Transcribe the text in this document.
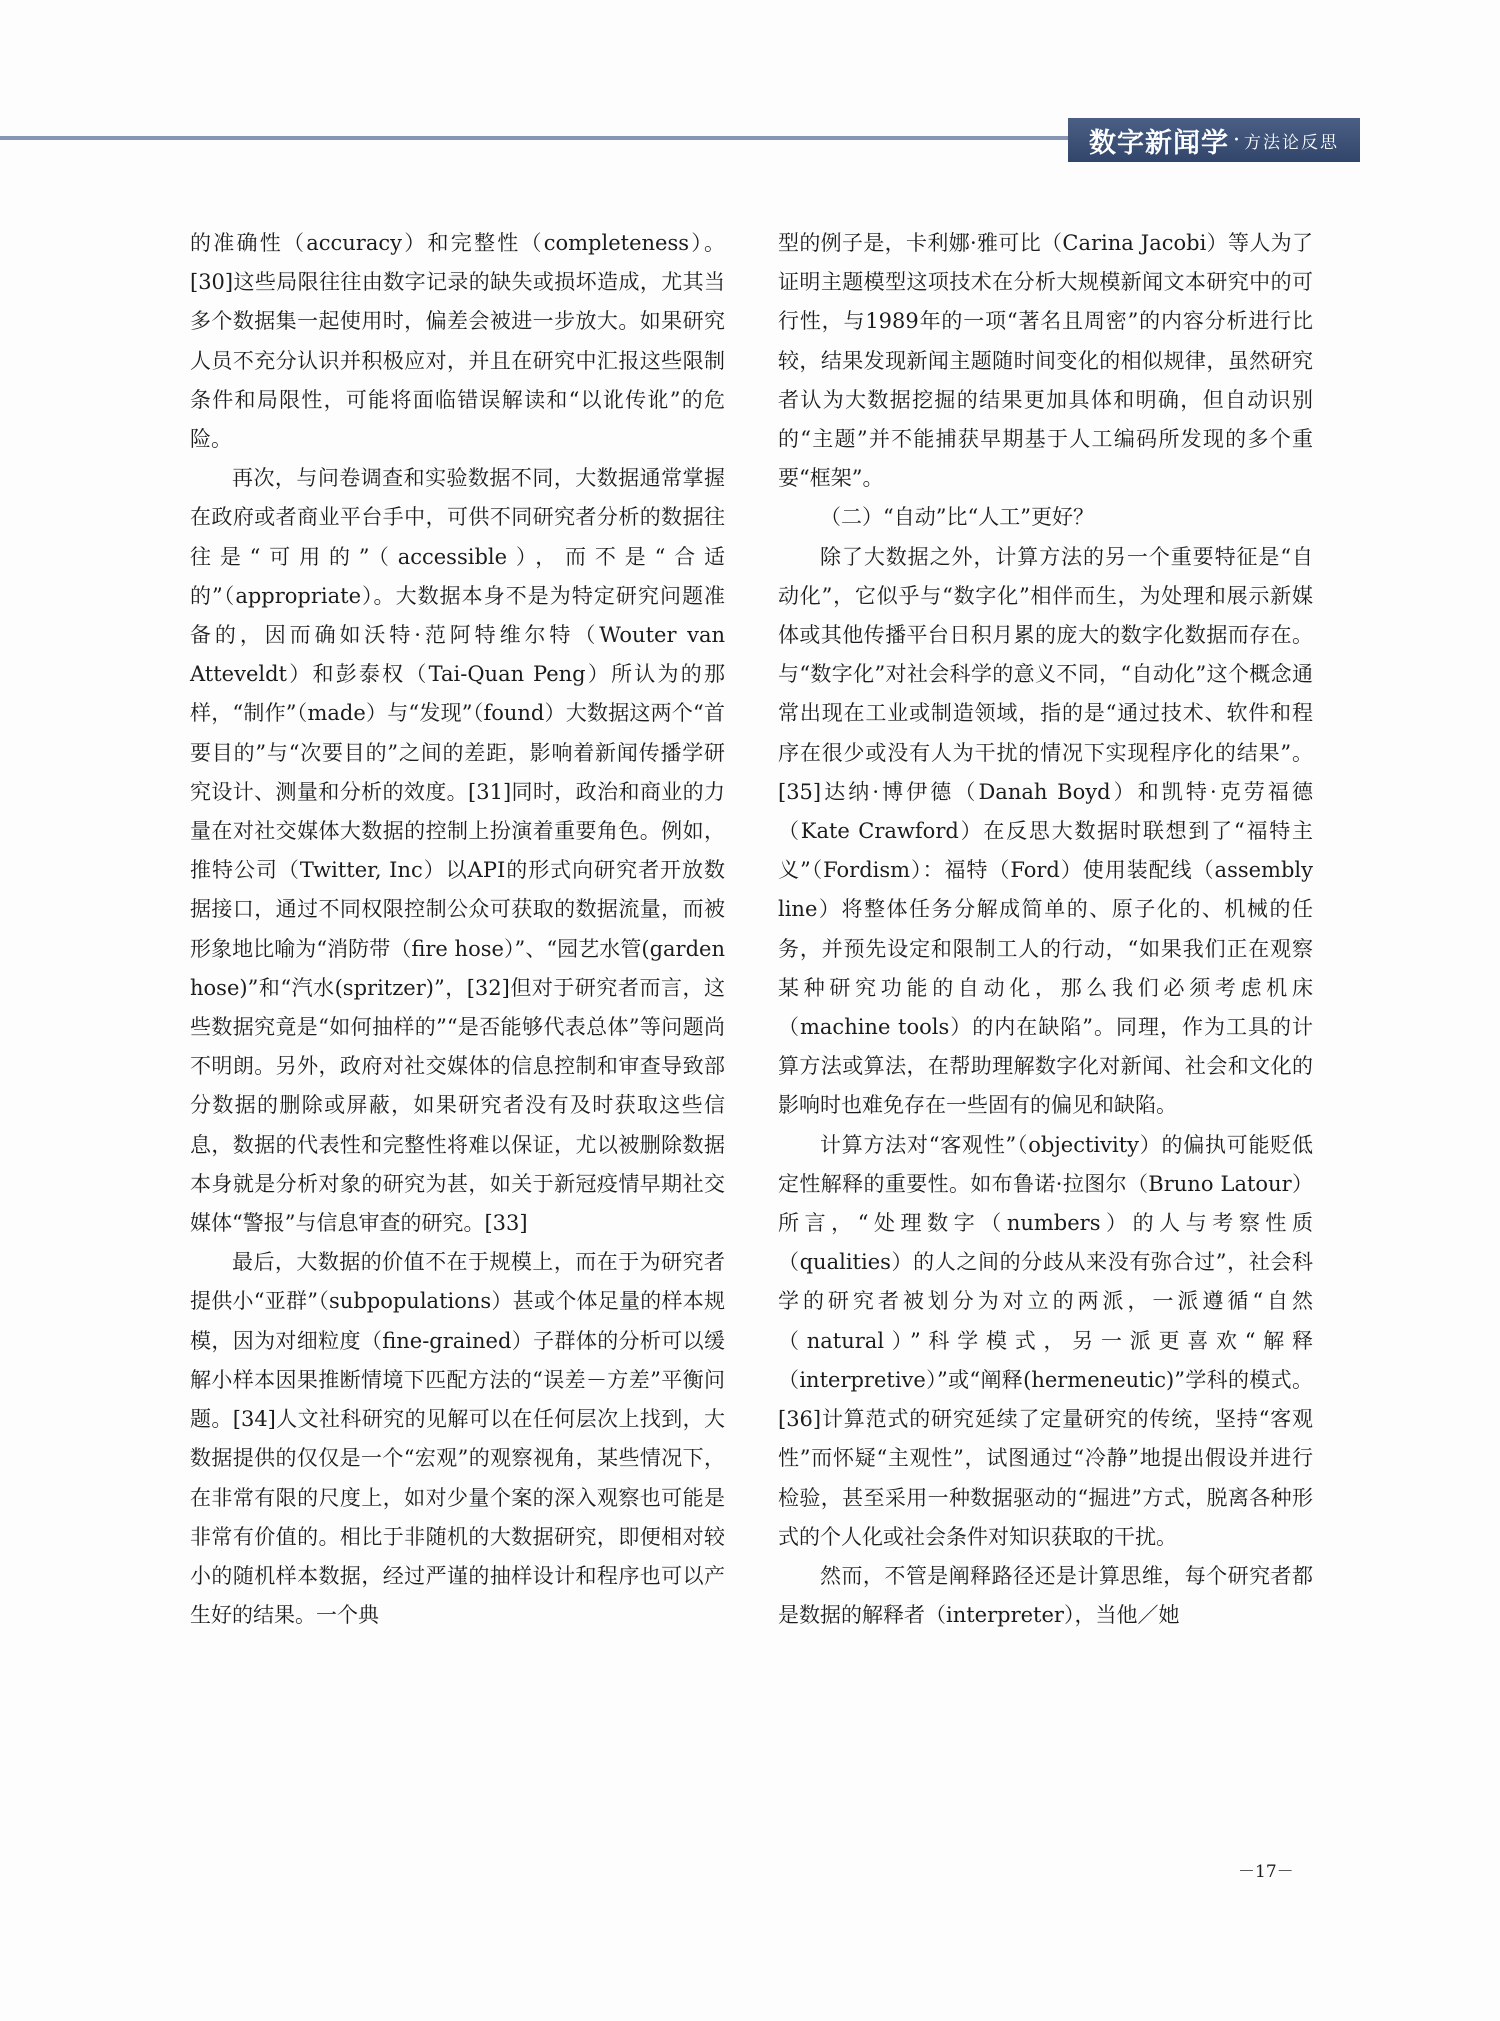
数字新闻学 · 方法论反思

的准确性（accuracy）和完整性（completeness）。[30]这些局限往往由数字记录的缺失或损坏造成，尤其当多个数据集一起使用时，偏差会被进一步放大。如果研究人员不充分认识并积极应对，并且在研究中汇报这些限制条件和局限性，可能将面临错误解读和“以讹传讹”的危险。

再次，与问卷调查和实验数据不同，大数据通常掌握在政府或者商业平台手中，可供不同研究者分析的数据往往是“可用的”（accessible），而不是“合适的”（appropriate）。大数据本身不是为特定研究问题准备的，因而确如沃特·范阿特维尔特（Wouter van Atteveldt）和彭泰权（Tai-Quan Peng）所认为的那样，“制作”（made）与“发现”（found）大数据这两个“首要目的”与“次要目的”之间的差距，影响着新闻传播学研究设计、测量和分析的效度。[31]同时，政治和商业的力量在对社交媒体大数据的控制上扮演着重要角色。例如，推特公司（Twitter, Inc）以API的形式向研究者开放数据接口，通过不同权限控制公众可获取的数据流量，而被形象地比喻为“消防带（fire hose）”、“园艺水管(garden hose)”和“汽水(spritzer)”，[32]但对于研究者而言，这些数据究竟是“如何抽样的”“是否能够代表总体”等问题尚不明朗。另外，政府对社交媒体的信息控制和审查导致部分数据的删除或屏蔽，如果研究者没有及时获取这些信息，数据的代表性和完整性将难以保证，尤以被删除数据本身就是分析对象的研究为甚，如关于新冠疫情早期社交媒体“警报”与信息审查的研究。[33]

最后，大数据的价值不在于规模上，而在于为研究者提供小“亚群”（subpopulations）甚或个体足量的样本规模，因为对细粒度（fine-grained）子群体的分析可以缓解小样本因果推断情境下匹配方法的“误差－方差”平衡问题。[34]人文社科研究的见解可以在任何层次上找到，大数据提供的仅仅是一个“宏观”的观察视角，某些情况下，在非常有限的尺度上，如对少量个案的深入观察也可能是非常有价值的。相比于非随机的大数据研究，即便相对较小的随机样本数据，经过严谨的抽样设计和程序也可以产生好的结果。一个典

型的例子是，卡利娜·雅可比（Carina Jacobi）等人为了证明主题模型这项技术在分析大规模新闻文本研究中的可行性，与1989年的一项“著名且周密”的内容分析进行比较，结果发现新闻主题随时间变化的相似规律，虽然研究者认为大数据挖掘的结果更加具体和明确，但自动识别的“主题”并不能捕获早期基于人工编码所发现的多个重要“框架”。

（二）“自动”比“人工”更好？

除了大数据之外，计算方法的另一个重要特征是“自动化”，它似乎与“数字化”相伴而生，为处理和展示新媒体或其他传播平台日积月累的庞大的数字化数据而存在。与“数字化”对社会科学的意义不同，“自动化”这个概念通常出现在工业或制造领域，指的是“通过技术、软件和程序在很少或没有人为干扰的情况下实现程序化的结果”。[35]达纳·博伊德（Danah Boyd）和凯特·克劳福德（Kate Crawford）在反思大数据时联想到了“福特主义”（Fordism）：福特（Ford）使用装配线（assembly line）将整体任务分解成简单的、原子化的、机械的任务，并预先设定和限制工人的行动，“如果我们正在观察某种研究功能的自动化，那么我们必须考虑机床（machine tools）的内在缺陷”。同理，作为工具的计算方法或算法，在帮助理解数字化对新闻、社会和文化的影响时也难免存在一些固有的偏见和缺陷。

计算方法对“客观性”（objectivity）的偏执可能贬低定性解释的重要性。如布鲁诺·拉图尔（Bruno Latour）所言，“处理数字（numbers）的人与考察性质（qualities）的人之间的分歧从来没有弥合过”，社会科学的研究者被划分为对立的两派，一派遵循“自然（natural）”科学模式，另一派更喜欢“解释（interpretive）”或“阐释(hermeneutic)”学科的模式。[36]计算范式的研究延续了定量研究的传统，坚持“客观性”而怀疑“主观性”，试图通过“冷静”地提出假设并进行检验，甚至采用一种数据驱动的“掘进”方式，脱离各种形式的个人化或社会条件对知识获取的干扰。

然而，不管是阐释路径还是计算思维，每个研究者都是数据的解释者（interpreter），当他／她

－17－
